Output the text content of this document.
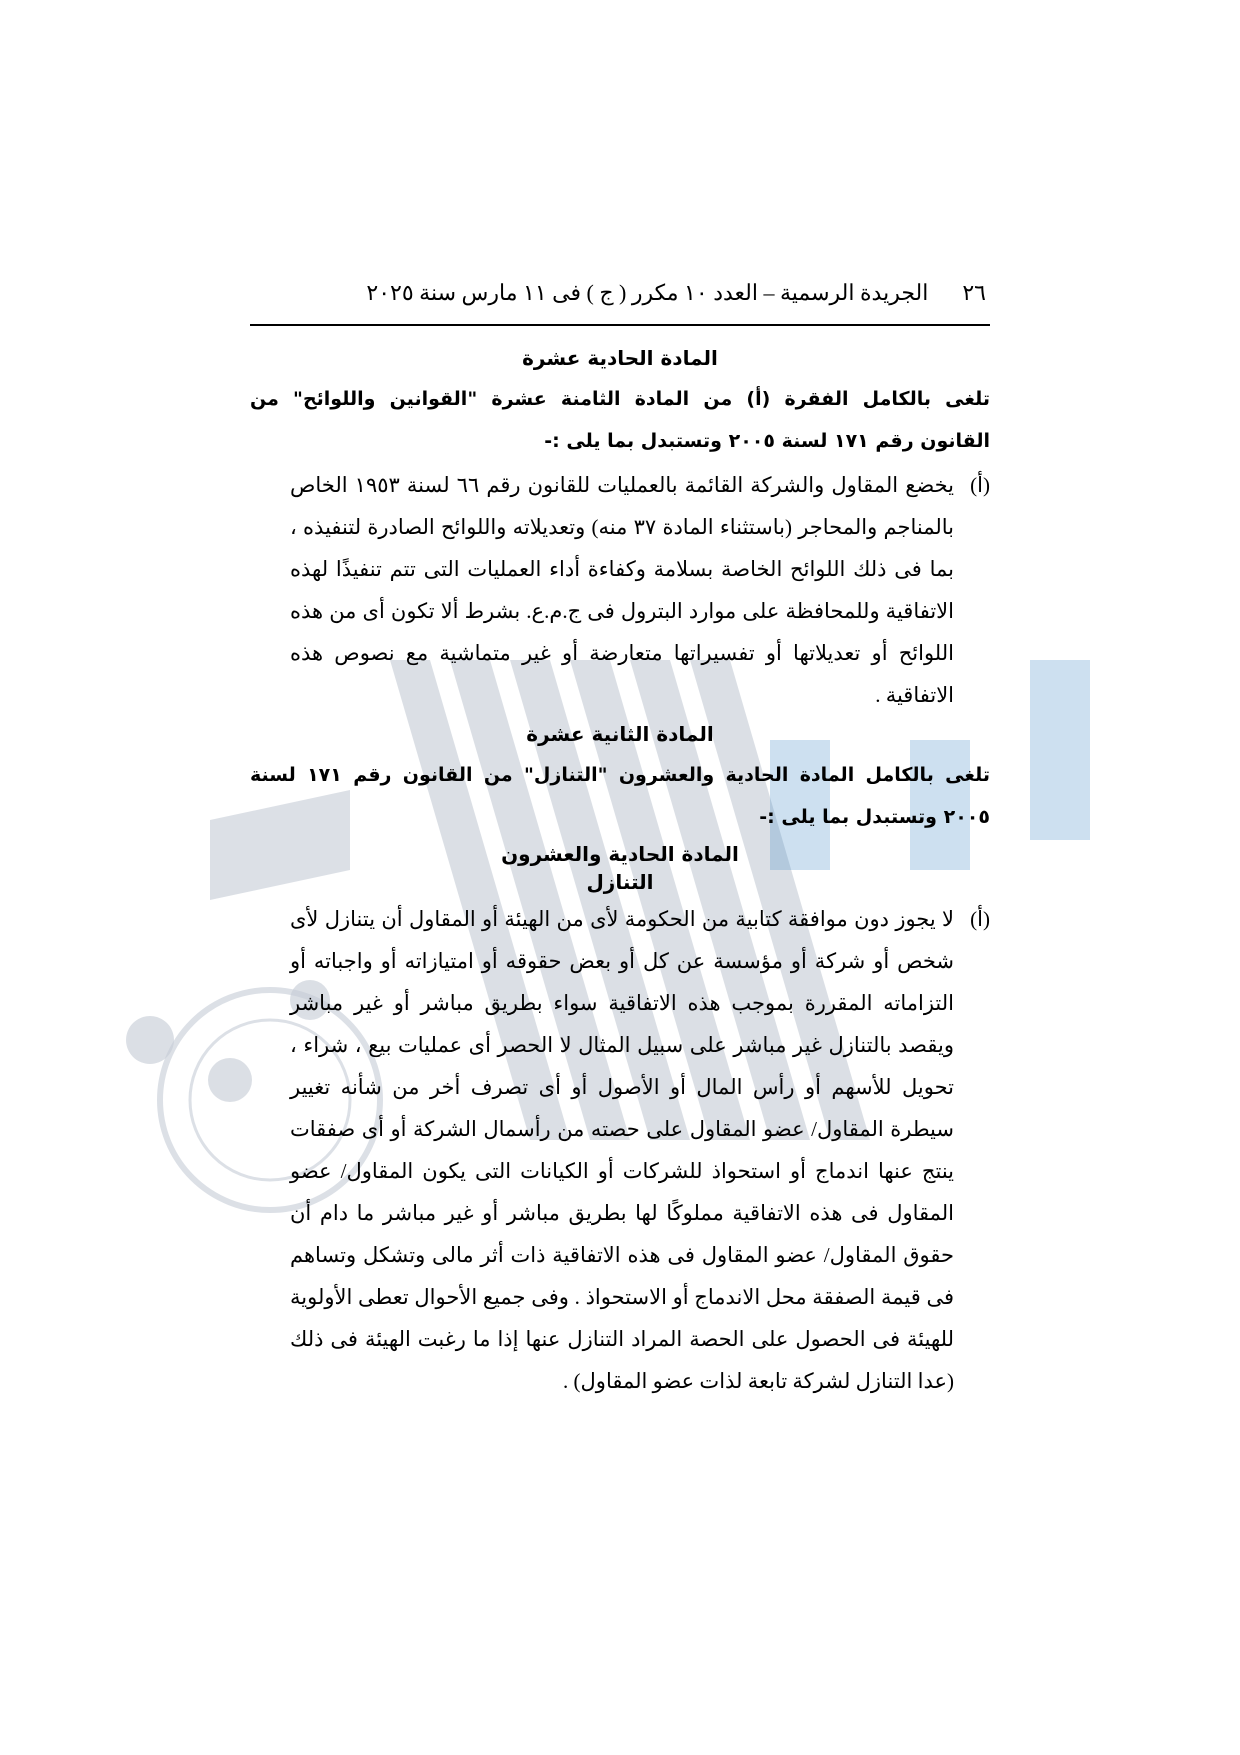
٢٦
الجريدة الرسمية – العدد ١٠ مكرر ( ج ) فى ١١ مارس سنة ٢٠٢٥
المادة الحادية عشرة

تلغى بالكامل الفقرة (أ) من المادة الثامنة عشرة "القوانين واللوائح" من القانون رقم ١٧١ لسنة ٢٠٠٥ وتستبدل بما يلى :-

(أ)
يخضع المقاول والشركة القائمة بالعمليات للقانون رقم ٦٦ لسنة ١٩٥٣ الخاص بالمناجم والمحاجر (باستثناء المادة ٣٧ منه) وتعديلاته واللوائح الصادرة لتنفيذه ، بما فى ذلك اللوائح الخاصة بسلامة وكفاءة أداء العمليات التى تتم تنفيذًا لهذه الاتفاقية وللمحافظة على موارد البترول فى ج.م.ع. بشرط ألا تكون أى من هذه اللوائح أو تعديلاتها أو تفسيراتها متعارضة أو غير متماشية مع نصوص هذه الاتفاقية .
المادة الثانية عشرة

تلغى بالكامل المادة الحادية والعشرون "التنازل" من القانون رقم ١٧١ لسنة ٢٠٠٥ وتستبدل بما يلى :-

المادة الحادية والعشرون
التنازل
(أ)
لا يجوز دون موافقة كتابية من الحكومة لأى من الهيئة أو المقاول أن يتنازل لأى شخص أو شركة أو مؤسسة عن كل أو بعض حقوقه أو امتيازاته أو واجباته أو التزاماته المقررة بموجب هذه الاتفاقية سواء بطريق مباشر أو غير مباشر ويقصد بالتنازل غير مباشر على سبيل المثال لا الحصر أى عمليات بيع ، شراء ، تحويل للأسهم أو رأس المال أو الأصول أو أى تصرف أخر من شأنه تغيير سيطرة المقاول/ عضو المقاول على حصته من رأسمال الشركة أو أى صفقات ينتج عنها اندماج أو استحواذ للشركات أو الكيانات التى يكون المقاول/ عضو المقاول فى هذه الاتفاقية مملوكًا لها بطريق مباشر أو غير مباشر ما دام أن حقوق المقاول/ عضو المقاول فى هذه الاتفاقية ذات أثر مالى وتشكل وتساهم فى قيمة الصفقة محل الاندماج أو الاستحواذ . وفى جميع الأحوال تعطى الأولوية للهيئة فى الحصول على الحصة المراد التنازل عنها إذا ما رغبت الهيئة فى ذلك (عدا التنازل لشركة تابعة لذات عضو المقاول) .
